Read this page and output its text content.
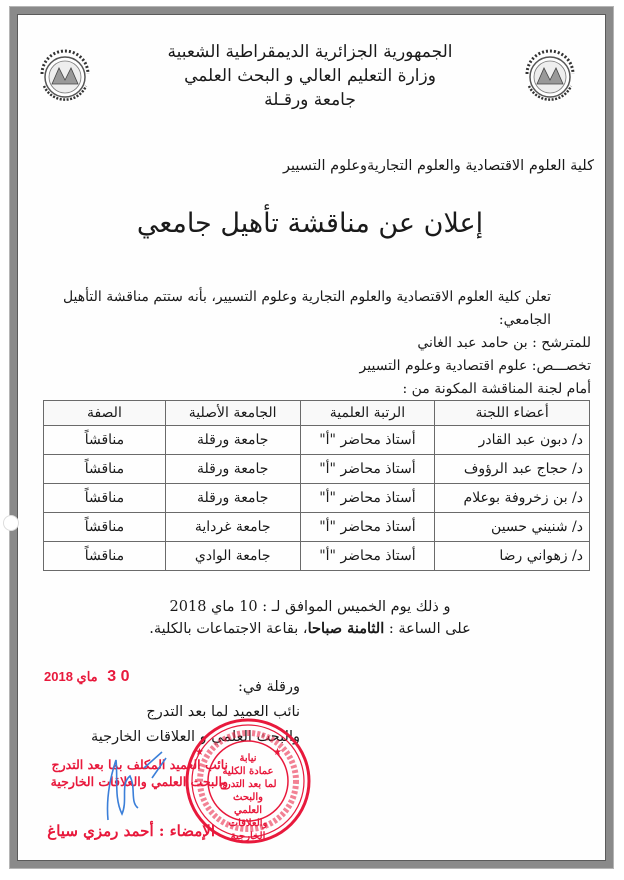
الجمهورية الجزائرية الديمقراطية الشعبية
وزارة التعليم العالي و البحث العلمي
جامعة ورقـلة
كلية العلوم الاقتصادية والعلوم التجاريةوعلوم التسيير
إعلان عن مناقشة تأهيل جامعي
تعلن كلية العلوم الاقتصادية والعلوم التجارية وعلوم التسيير، بأنه ستتم مناقشة التأهيل الجامعي:
للمترشح : بن حامد عبد الغاني
تخصـــص: علوم اقتصادية وعلوم التسيير
أمام لجنة المناقشة المكونة من :
أعضاء اللجنة	الرتبة العلمية	الجامعة الأصلية	الصفة
د/ دبون عبد القادر	أستاذ محاضر "أ"	جامعة ورقلة	مناقشاً
د/ حجاج عبد الرؤوف	أستاذ محاضر "أ"	جامعة ورقلة	مناقشاً
د/ بن زخروفة بوعلام	أستاذ محاضر "أ"	جامعة ورقلة	مناقشاً
د/ شنيني حسين	أستاذ محاضر "أ"	جامعة غرداية	مناقشاً
د/ زهواني رضا	أستاذ محاضر "أ"	جامعة الوادي	مناقشاً
و ذلك يوم الخميس الموافق لـ : 10 ماي 2018
على الساعة : الثامنة صباحا، بقاعة الاجتماعات بالكلية.
ورقلة في:
نائب العميد لما بعد التدرج
والبحث العلمي و العلاقات الخارجية
0 3 ماي 2018
نائب العميد المكلف بما بعد التدرج
والبحث العلمي والعلاقات الخارجية
الإمضاء : أحمد رمزي سياغ
★	★
نيابة
عمادة الكلية
لما بعد التدرج والبحث
العلمي والعلاقات
الخارجية
